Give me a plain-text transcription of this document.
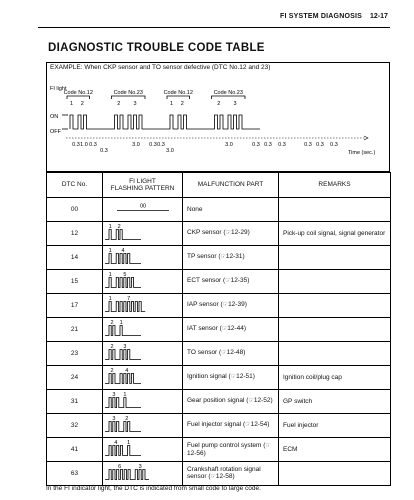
FI SYSTEM DIAGNOSIS 12-17
DIAGNOSTIC TROUBLE CODE TABLE
EXAMPLE: When CKP sensor and TO sensor defective (DTC No.12 and 23)
FI light
ON
OFF
Time (sec.)
Code No.12
1 2
Code No.23
2 3
Code No.12
1 2
Code No.23
2 3
0.3 1.0 0.3
0.3
3.0 0.3 0.3
3.0
3.0	0.3 0.3 0.3	0.3 0.3 0.3
DTC No.	FI LIGHT
FLASHING PATTERN	MALFUNCTION PART	REMARKS
00	00	None	
12	1 2	CKP sensor (☞12-29)	Pick-up coil signal, signal generator
14	1 4	TP sensor (☞12-31)	
15	1 5	ECT sensor (☞12-35)	
17	1 7	IAP sensor (☞12-39)	
21	2 1	IAT sensor (☞12-44)	
23	2 3	TO sensor (☞12-48)	
24	2 4	Ignition signal (☞12-51)	Ignition coil/plug cap
31	3 1	Gear position signal (☞12-52)	GP switch
32	3 2	Fuel injector signal (☞12-54)	Fuel injector
41	4 1	Fuel pump control system (☞12-56)	ECM
63	6 3	Crankshaft rotation signal sensor (☞12-58)	
In the FI indicator light, the DTC is indicated from small code to large code.
